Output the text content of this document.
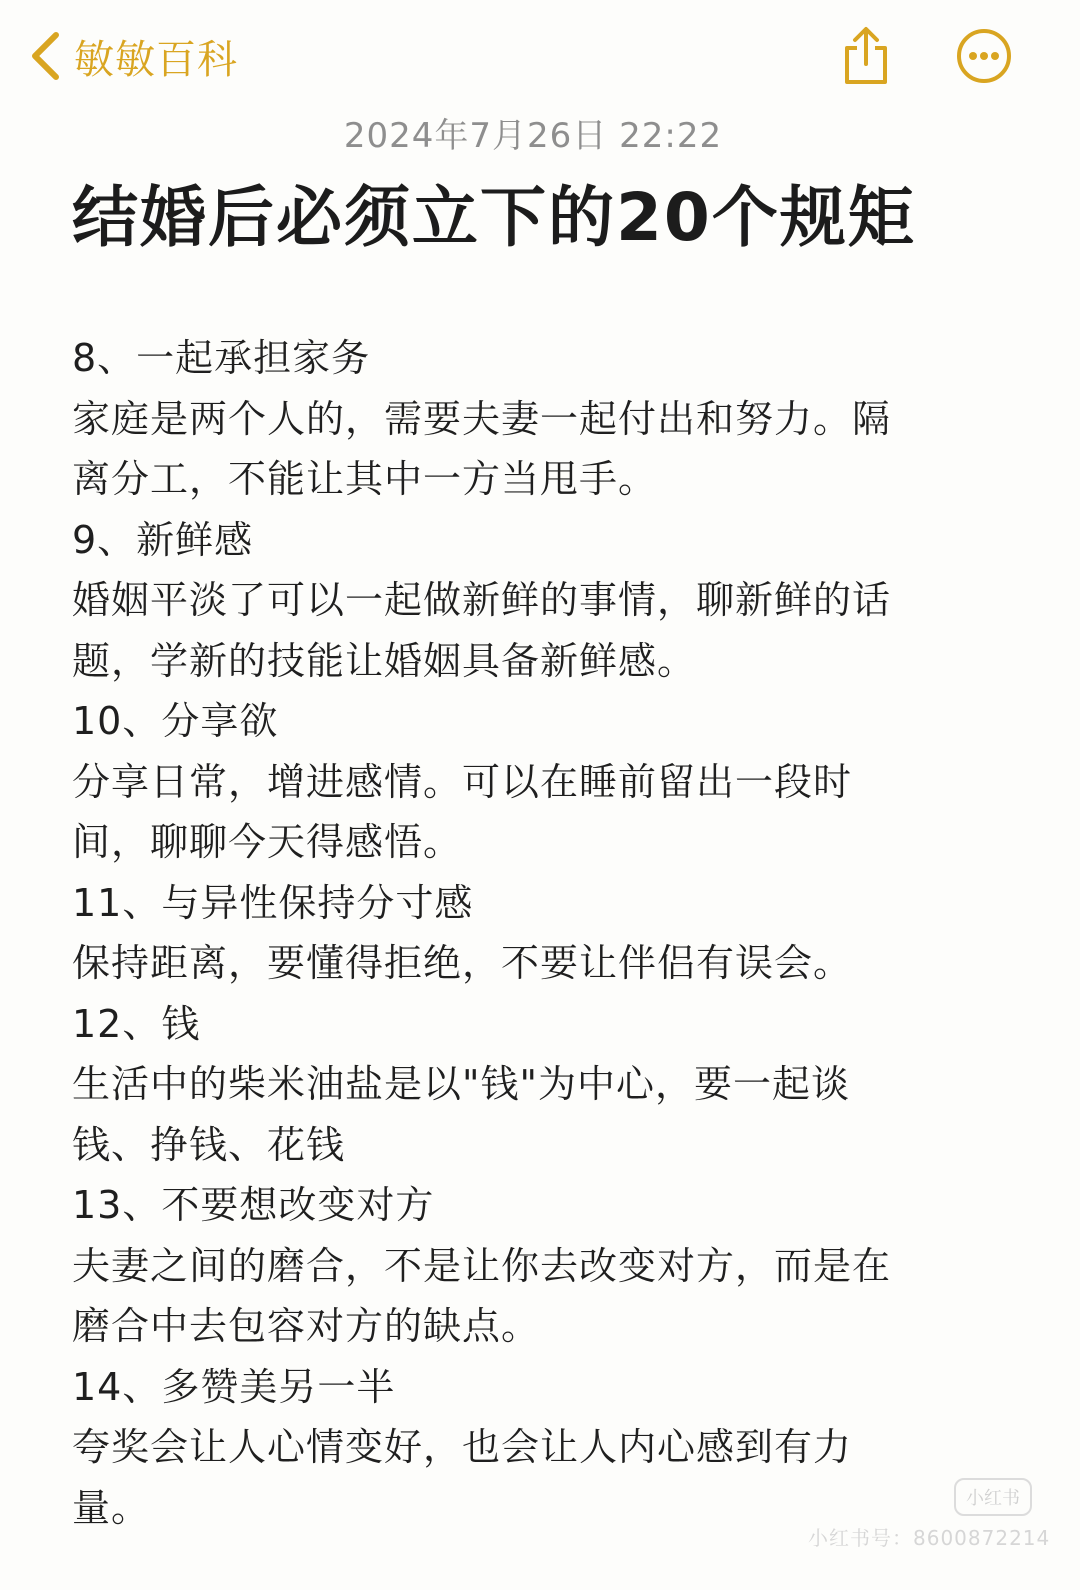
敏敏百科
2024年7月26日 22:22
结婚后必须立下的20个规矩

8、一起承担家务

家庭是两个人的，需要夫妻一起付出和努力。隔

离分工，不能让其中一方当甩手。

9、新鲜感

婚姻平淡了可以一起做新鲜的事情，聊新鲜的话

题，学新的技能让婚姻具备新鲜感。

10、分享欲

分享日常，增进感情。可以在睡前留出一段时

间，聊聊今天得感悟。

11、与异性保持分寸感

保持距离，要懂得拒绝，不要让伴侣有误会。

12、钱

生活中的柴米油盐是以"钱"为中心，要一起谈

钱、挣钱、花钱

13、不要想改变对方

夫妻之间的磨合，不是让你去改变对方，而是在

磨合中去包容对方的缺点。

14、多赞美另一半

夸奖会让人心情变好，也会让人内心感到有力

量。	小红书
小红书号：8600872214
